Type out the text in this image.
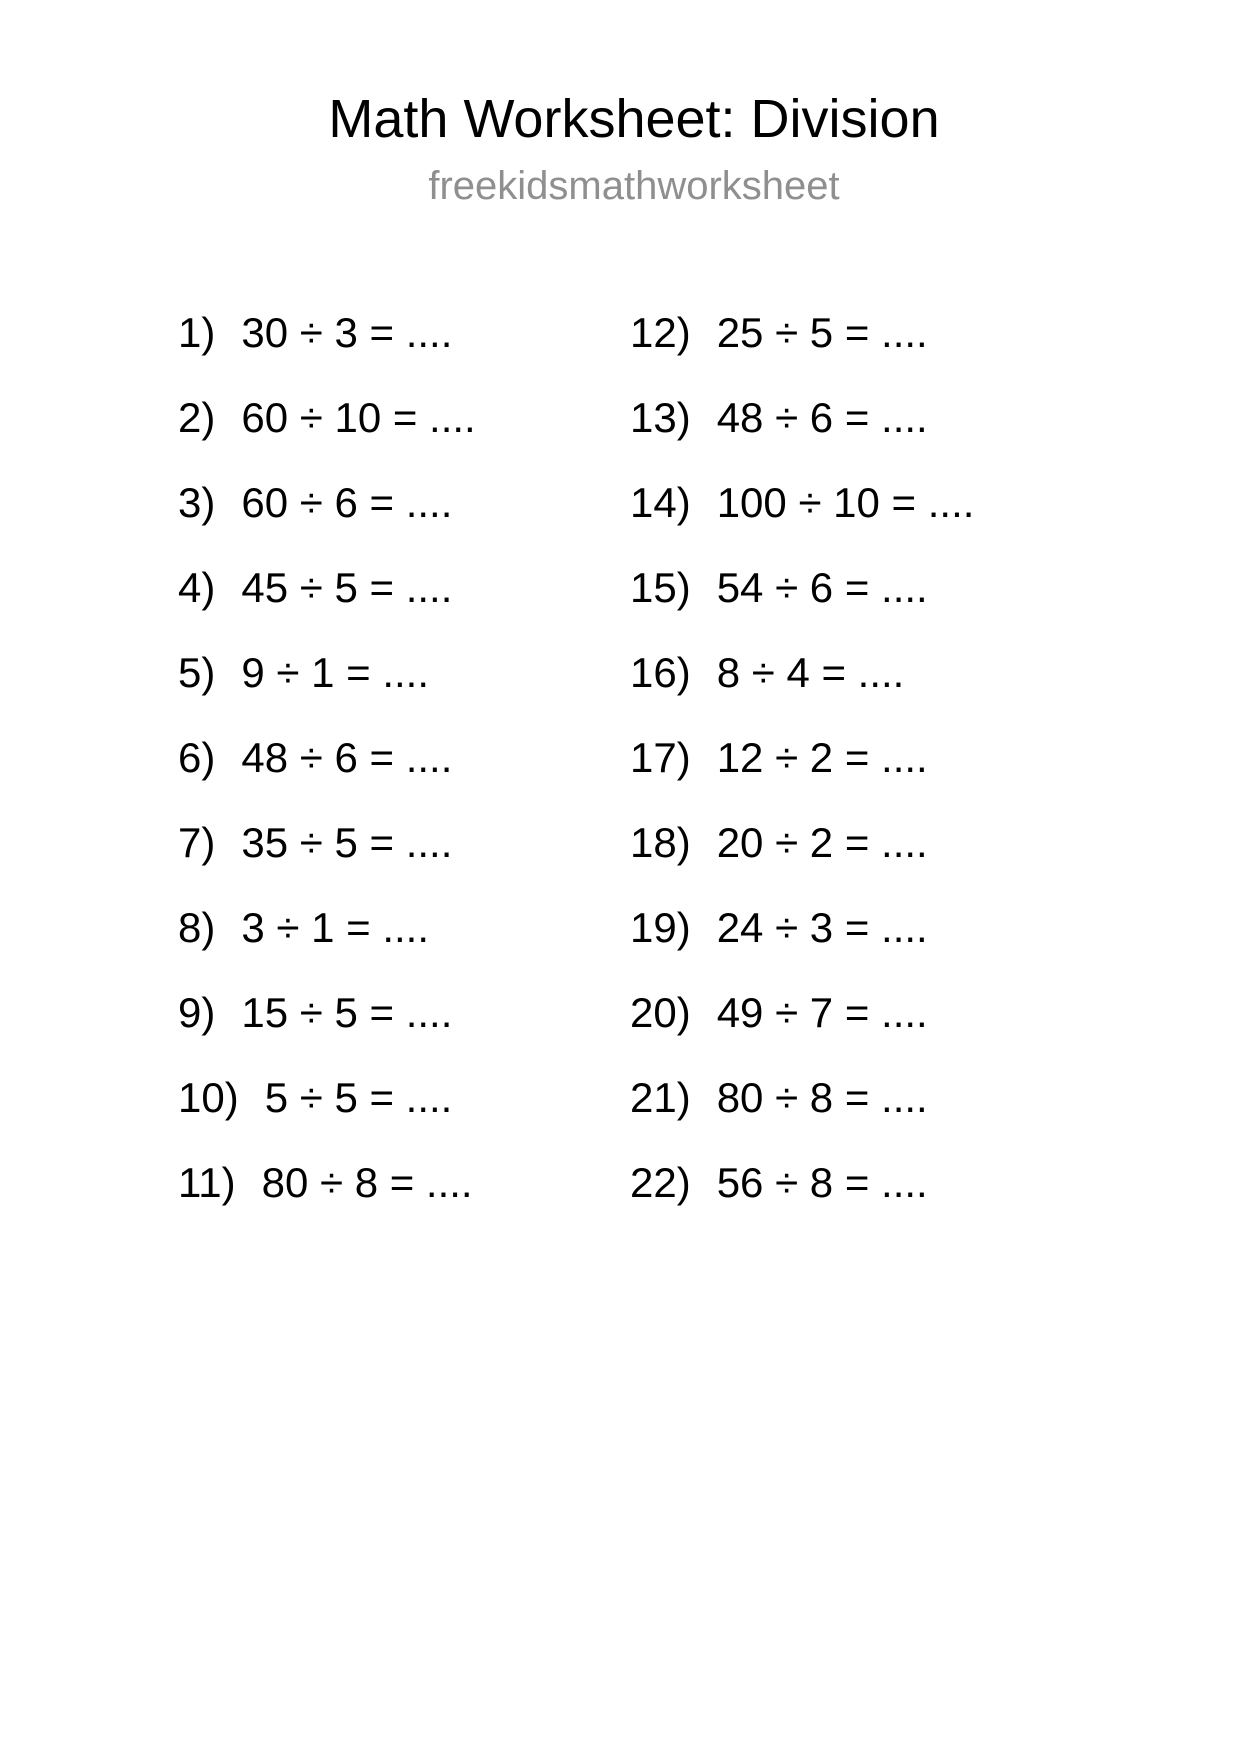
Math Worksheet: Division
freekidsmathworksheet
1) 30 ÷ 3 = ....
2) 60 ÷ 10 = ....
3) 60 ÷ 6 = ....
4) 45 ÷ 5 = ....
5) 9 ÷ 1 = ....
6) 48 ÷ 6 = ....
7) 35 ÷ 5 = ....
8) 3 ÷ 1 = ....
9) 15 ÷ 5 = ....
10) 5 ÷ 5 = ....
11) 80 ÷ 8 = ....
12) 25 ÷ 5 = ....
13) 48 ÷ 6 = ....
14) 100 ÷ 10 = ....
15) 54 ÷ 6 = ....
16) 8 ÷ 4 = ....
17) 12 ÷ 2 = ....
18) 20 ÷ 2 = ....
19) 24 ÷ 3 = ....
20) 49 ÷ 7 = ....
21) 80 ÷ 8 = ....
22) 56 ÷ 8 = ....
